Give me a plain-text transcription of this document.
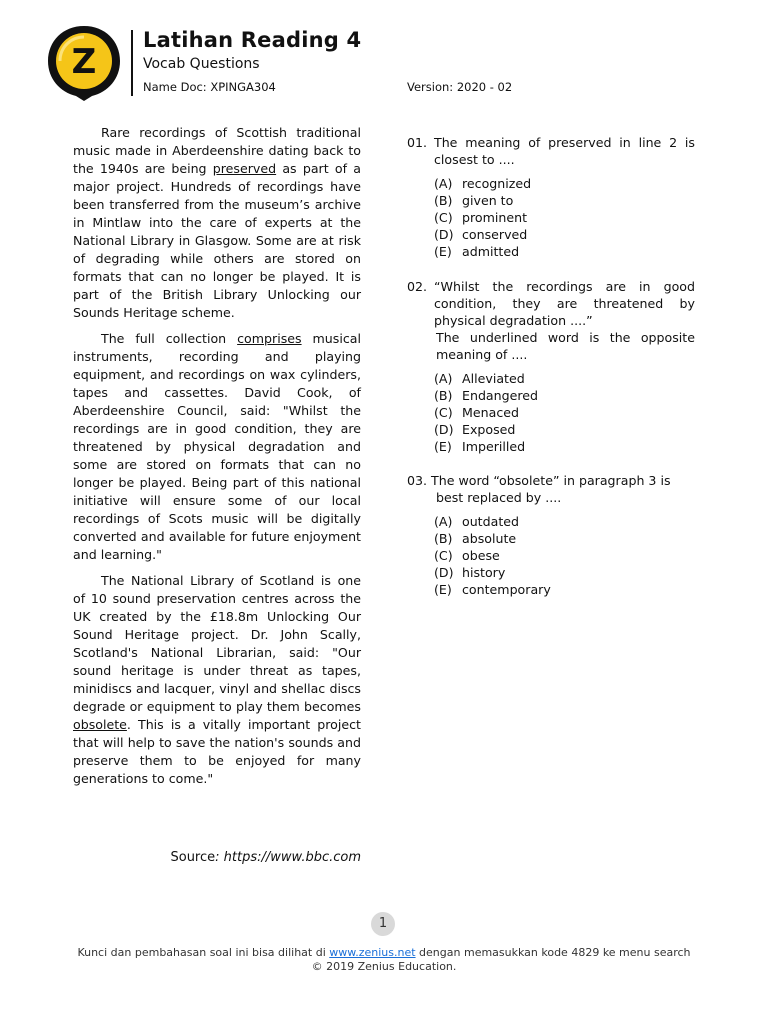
Z
Latihan Reading 4
Vocab Questions
Name Doc: XPINGA304	Version: 2020 - 02

Rare recordings of Scottish traditional music made in Aberdeenshire dating back to the 1940s are being preserved as part of a major project. Hundreds of recordings have been transferred from the museum’s archive in Mintlaw into the care of experts at the National Library in Glasgow. Some are at risk of degrading while others are stored on formats that can no longer be played. It is part of the British Library Unlocking our Sounds Heritage scheme.

The full collection comprises musical instruments, recording and playing equipment, and recordings on wax cylinders, tapes and cassettes. David Cook, of Aberdeenshire Council, said: "Whilst the recordings are in good condition, they are threatened by physical degradation and some are stored on formats that can no longer be played. Being part of this national initiative will ensure some of our local recordings of Scots music will be digitally converted and available for future enjoyment and learning."

The National Library of Scotland is one of 10 sound preservation centres across the UK created by the £18.8m Unlocking Our Sound Heritage project. Dr. John Scally, Scotland's National Librarian, said: "Our sound heritage is under threat as tapes, minidiscs and lacquer, vinyl and shellac discs degrade or equipment to play them becomes obsolete. This is a vitally important project that will help to save the nation's sounds and preserve them to be enjoyed for many generations to come."

Source: https://www.bbc.com
01. The meaning of preserved in line 2 is closest to ....
(A) recognized
(B) given to
(C) prominent
(D) conserved
(E) admitted
02. “Whilst the recordings are in good condition, they are threatened by physical degradation ....”
The underlined word is the opposite meaning of ....
(A) Alleviated
(B) Endangered
(C) Menaced
(D) Exposed
(E) Imperilled
03. The word “obsolete” in paragraph 3 is
best replaced by ....
(A) outdated
(B) absolute
(C) obese
(D) history
(E) contemporary
1
Kunci dan pembahasan soal ini bisa dilihat di www.zenius.net dengan memasukkan kode 4829 ke menu search
© 2019 Zenius Education.
